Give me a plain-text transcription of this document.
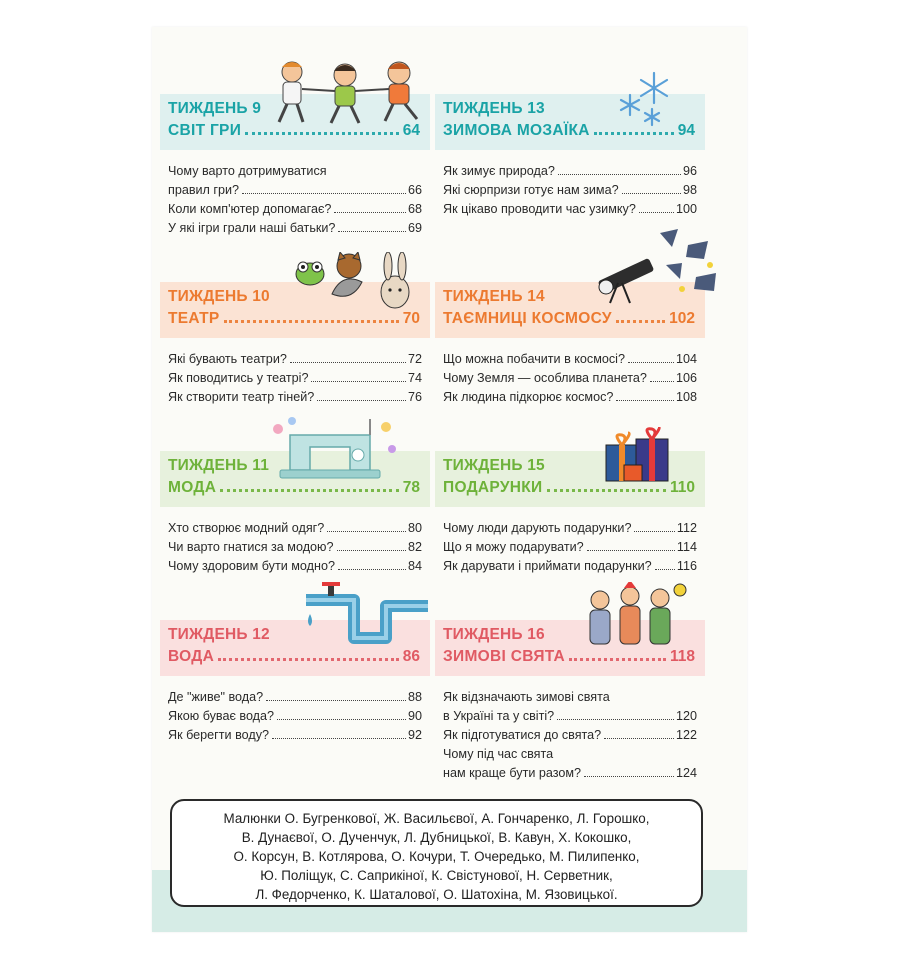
ТИЖДЕНЬ 9
СВІТ ГРИ	64
Чому варто дотримуватися
правил гри?	66
Коли комп'ютер допомагає?	68
У які ігри грали наші батьки?	69
ТИЖДЕНЬ 13
ЗИМОВА МОЗАЇКА	94
Як зимує природа?	96
Які сюрпризи готує нам зима?	98
Як цікаво проводити час узимку?	100
ТИЖДЕНЬ 10
ТЕАТР	70
Які бувають театри?	72
Як поводитись у театрі?	74
Як створити театр тіней?	76
ТИЖДЕНЬ 14
ТАЄМНИЦІ КОСМОСУ	102
Що можна побачити в космосі?	104
Чому Земля — особлива планета? 106
Як людина підкорює космос?	108
ТИЖДЕНЬ 11
МОДА	78
Хто створює модний одяг?	80
Чи варто гнатися за модою?	82
Чому здоровим бути модно?	84
ТИЖДЕНЬ 15
ПОДАРУНКИ	110
Чому люди дарують подарунки?	112
Що я можу подарувати?	114
Як дарувати і приймати подарунки? 116
ТИЖДЕНЬ 12
ВОДА	86
Де "живе" вода?	88
Якою буває вода?	90
Як берегти воду?	92
ТИЖДЕНЬ 16
ЗИМОВІ СВЯТА	118
Як відзначають зимові свята
в Україні та у світі?	120
Як підготуватися до свята?	122
Чому під час свята
нам краще бути разом?	124
Малюнки О. Бугренкової, Ж. Васильєвої, А. Гончаренко, Л. Горошко,
В. Дунаєвої, О. Дученчук, Л. Дубницької, В. Кавун, Х. Кокошко,
О. Корсун, В. Котлярова, О. Кочури, Т. Очередько, М. Пилипенко,
Ю. Поліщук, С. Саприкіної, К. Свістунової, Н. Серветник,
Л. Федорченко, К. Шаталової, О. Шатохіна, М. Язовицької.
